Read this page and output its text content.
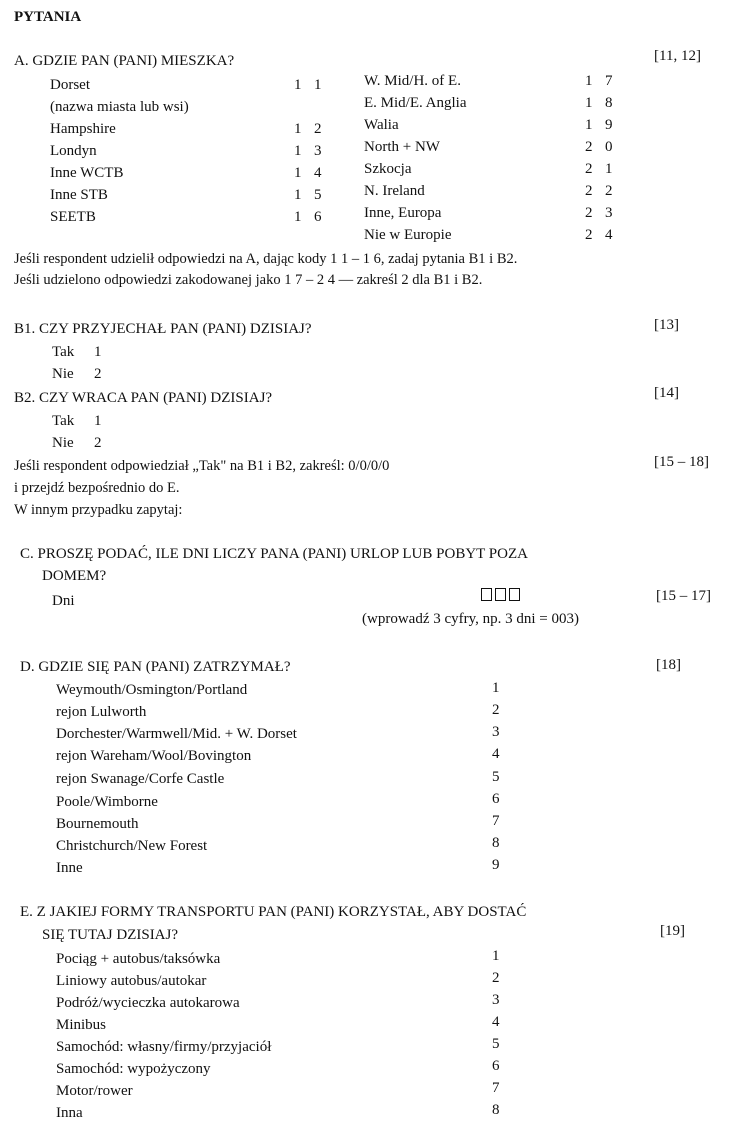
PYTANIA
A. GDZIE PAN (PANI) MIESZKA?	[11, 12]
Dorset	1 1
(nazwa miasta lub wsi)
Hampshire	1 2
Londyn	1 3
Inne WCTB	1 4
Inne STB	1 5
SEETB	1 6
W. Mid/H. of E.	1 7
E. Mid/E. Anglia	1 8
Walia	1 9
North + NW	2 0
Szkocja	2 1
N. Ireland	2 2
Inne, Europa	2 3
Nie w Europie	2 4
Jeśli respondent udzielił odpowiedzi na A, dając kody 1 1 – 1 6, zadaj pytania B1 i B2.
Jeśli udzielono odpowiedzi zakodowanej jako 1 7 – 2 4 — zakreśl 2 dla B1 i B2.
B1. CZY PRZYJECHAŁ PAN (PANI) DZISIAJ?	[13]
Tak 1
Nie 2
B2. CZY WRACA PAN (PANI) DZISIAJ?	[14]
Tak 1
Nie 2
Jeśli respondent odpowiedział „Tak" na B1 i B2, zakreśl: 0/0/0/0	[15 – 18]
i przejdź bezpośrednio do E.
W innym przypadku zapytaj:
C. PROSZĘ PODAĆ, ILE DNI LICZY PANA (PANI) URLOP LUB POBYT POZA
DOMEM?
Dni	[15 – 17]
(wprowadź 3 cyfry, np. 3 dni = 003)
D. GDZIE SIĘ PAN (PANI) ZATRZYMAŁ?	[18]
Weymouth/Osmington/Portland	1
rejon Lulworth	2
Dorchester/Warmwell/Mid. + W. Dorset	3
rejon Wareham/Wool/Bovington	4
rejon Swanage/Corfe Castle	5
Poole/Wimborne	6
Bournemouth	7
Christchurch/New Forest	8
Inne	9
E. Z JAKIEJ FORMY TRANSPORTU PAN (PANI) KORZYSTAŁ, ABY DOSTAĆ
SIĘ TUTAJ DZISIAJ?	[19]
Pociąg + autobus/taksówka	1
Liniowy autobus/autokar	2
Podróż/wycieczka autokarowa	3
Minibus	4
Samochód: własny/firmy/przyjaciół	5
Samochód: wypożyczony	6
Motor/rower	7
Inna	8
